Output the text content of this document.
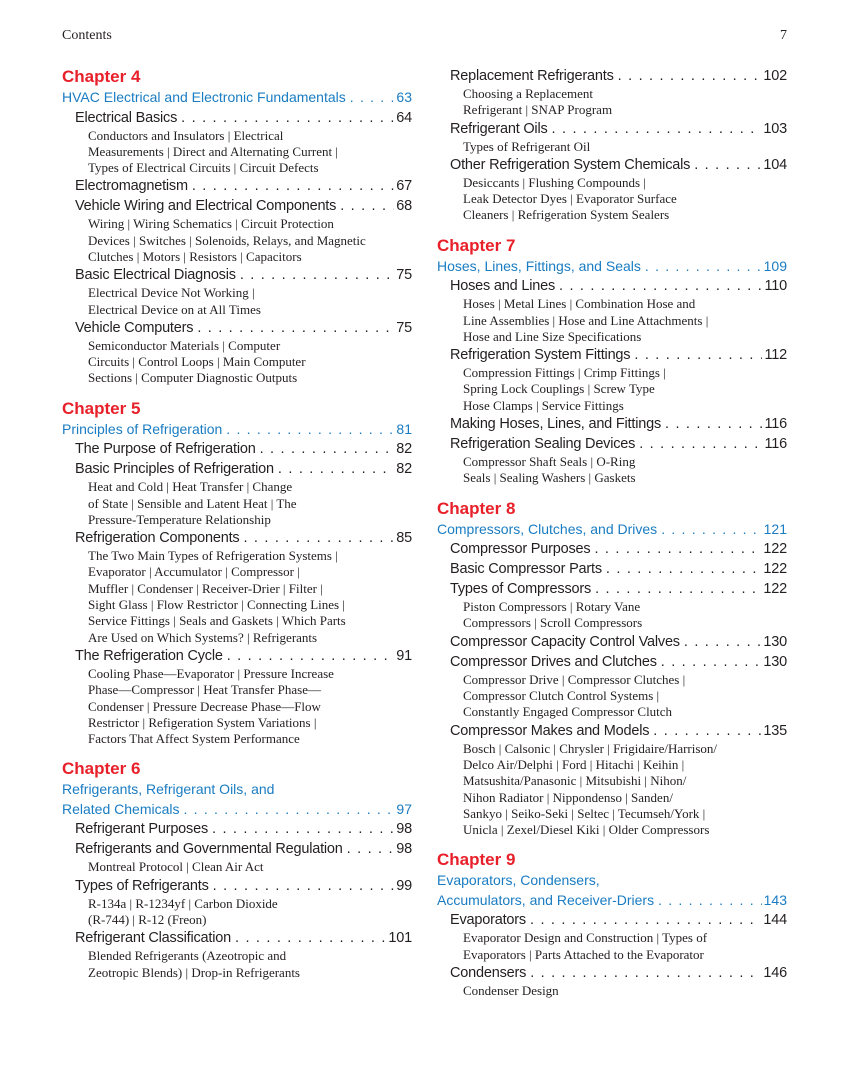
Contents	7
Chapter 4
HVAC Electrical and Electronic Fundamentals . . .	63
Electrical Basics . . .	64
Conductors and Insulators | Electrical
Measurements | Direct and Alternating Current |
Types of Electrical Circuits | Circuit Defects
Electromagnetism . . .	67
Vehicle Wiring and Electrical Components . . .	68
Wiring | Wiring Schematics | Circuit Protection
Devices | Switches | Solenoids, Relays, and Magnetic
Clutches | Motors | Resistors | Capacitors
Basic Electrical Diagnosis . . .	75
Electrical Device Not Working |
Electrical Device on at All Times
Vehicle Computers . . .	75
Semiconductor Materials | Computer
Circuits | Control Loops | Main Computer
Sections | Computer Diagnostic Outputs
Chapter 5
Principles of Refrigeration . . .	81
The Purpose of Refrigeration . . .	82
Basic Principles of Refrigeration . . .	82
Heat and Cold | Heat Transfer | Change
of State | Sensible and Latent Heat | The
Pressure-Temperature Relationship
Refrigeration Components . . .	85
The Two Main Types of Refrigeration Systems |
Evaporator | Accumulator | Compressor |
Muffler | Condenser | Receiver-Drier | Filter |
Sight Glass | Flow Restrictor | Connecting Lines |
Service Fittings | Seals and Gaskets | Which Parts
Are Used on Which Systems? | Refrigerants
The Refrigeration Cycle . . .	91
Cooling Phase—Evaporator | Pressure Increase
Phase—Compressor | Heat Transfer Phase—
Condenser | Pressure Decrease Phase—Flow
Restrictor | Refigeration System Variations |
Factors That Affect System Performance
Chapter 6
Refrigerants, Refrigerant Oils, and
Related Chemicals . . .	97
Refrigerant Purposes . . .	98
Refrigerants and Governmental Regulation . . .	98
Montreal Protocol | Clean Air Act
Types of Refrigerants . . .	99
R-134a | R-1234yf | Carbon Dioxide
(R-744) | R-12 (Freon)
Refrigerant Classification . . .	101
Blended Refrigerants (Azeotropic and
Zeotropic Blends) | Drop-in Refrigerants
Replacement Refrigerants . . .	102
Choosing a Replacement
Refrigerant | SNAP Program
Refrigerant Oils . . .	103
Types of Refrigerant Oil
Other Refrigeration System Chemicals . . .	104
Desiccants | Flushing Compounds |
Leak Detector Dyes | Evaporator Surface
Cleaners | Refrigeration System Sealers
Chapter 7
Hoses, Lines, Fittings, and Seals . . .	109
Hoses and Lines . . .	110
Hoses | Metal Lines | Combination Hose and
Line Assemblies | Hose and Line Attachments |
Hose and Line Size Specifications
Refrigeration System Fittings . . .	112
Compression Fittings | Crimp Fittings |
Spring Lock Couplings | Screw Type
Hose Clamps | Service Fittings
Making Hoses, Lines, and Fittings . . .	116
Refrigeration Sealing Devices . . .	116
Compressor Shaft Seals | O-Ring
Seals | Sealing Washers | Gaskets
Chapter 8
Compressors, Clutches, and Drives . . .	121
Compressor Purposes . . .	122
Basic Compressor Parts . . .	122
Types of Compressors . . .	122
Piston Compressors | Rotary Vane
Compressors | Scroll Compressors
Compressor Capacity Control Valves . . .	130
Compressor Drives and Clutches . . .	130
Compressor Drive | Compressor Clutches |
Compressor Clutch Control Systems |
Constantly Engaged Compressor Clutch
Compressor Makes and Models . . .	135
Bosch | Calsonic | Chrysler | Frigidaire/Harrison/
Delco Air/Delphi | Ford | Hitachi | Keihin |
Matsushita/Panasonic | Mitsubishi | Nihon/
Nihon Radiator | Nippondenso | Sanden/
Sankyo | Seiko-Seki | Seltec | Tecumseh/York |
Unicla | Zexel/Diesel Kiki | Older Compressors
Chapter 9
Evaporators, Condensers,
Accumulators, and Receiver-Driers . . .	143
Evaporators . . .	144
Evaporator Design and Construction | Types of
Evaporators | Parts Attached to the Evaporator
Condensers . . .	146
Condenser Design
